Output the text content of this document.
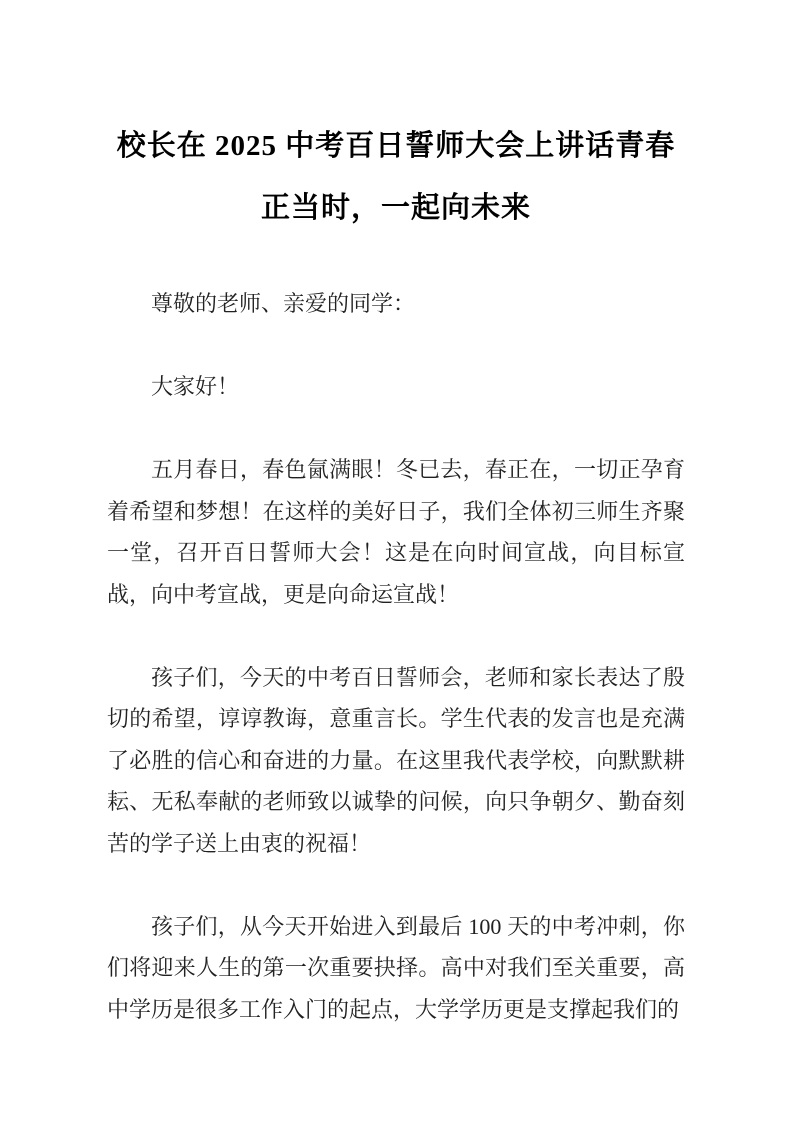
校长在 2025 中考百日誓师大会上讲话青春
正当时，一起向未来

尊敬的老师、亲爱的同学：

大家好！

五月春日，春色氤满眼！冬已去，春正在，一切正孕育着希望和梦想！在这样的美好日子，我们全体初三师生齐聚一堂，召开百日誓师大会！这是在向时间宣战，向目标宣战，向中考宣战，更是向命运宣战！

孩子们，今天的中考百日誓师会，老师和家长表达了殷切的希望，谆谆教诲，意重言长。学生代表的发言也是充满了必胜的信心和奋进的力量。在这里我代表学校，向默默耕耘、无私奉献的老师致以诚挚的问候，向只争朝夕、勤奋刻苦的学子送上由衷的祝福！

孩子们，从今天开始进入到最后 100 天的中考冲刺，你们将迎来人生的第一次重要抉择。高中对我们至关重要，高中学历是很多工作入门的起点，大学学历更是支撑起我们的
